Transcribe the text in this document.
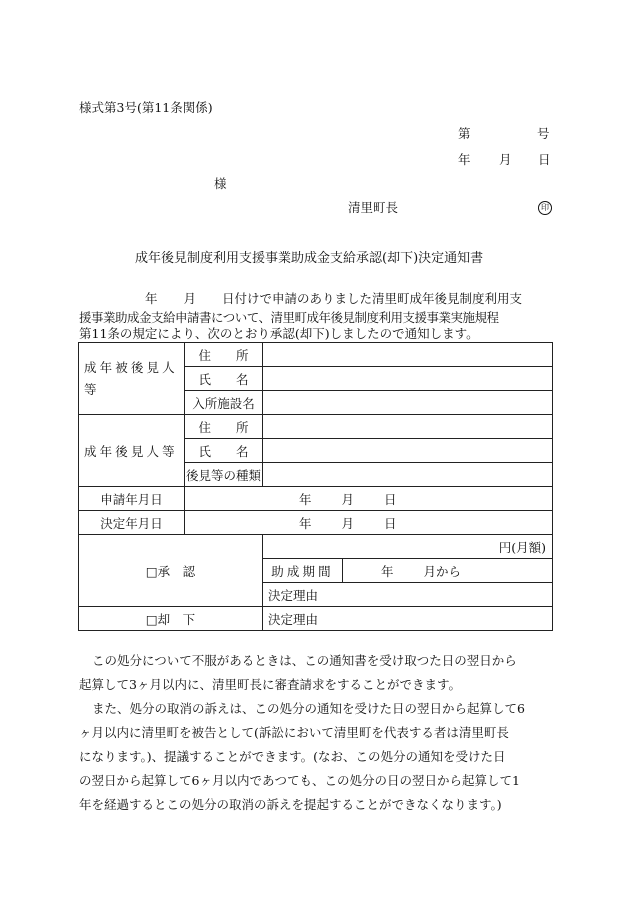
様式第3号(第11条関係)
第	号
年 月 日
様
清里町長	印
成年後見制度利用支援事業助成金支給承認(却下)決定通知書
年 月 日付けで申請のありました清里町成年後見制度利用支
援事業助成金支給申請書について、清里町成年後見制度利用支援事業実施規程
第11条の規定により、次のとおり承認(却下)しましたので通知します。
成年被後見人等	住　　所		
	氏　　名		
	入所施設名		
成年後見人等	住　　所		
	氏　　名		
	後見等の種類		
申請年月日	年 月 日		
決定年月日	年 月 日		
□承　認		円(月額)	
		助成期間	年 月から
		決定理由	
□却　下		決定理由	
この処分について不服があるときは、この通知書を受け取つた日の翌日から
起算して3ヶ月以内に、清里町長に審査請求をすることができます。
また、処分の取消の訴えは、この処分の通知を受けた日の翌日から起算して6
ヶ月以内に清里町を被告として(訴訟において清里町を代表する者は清里町長
になります。)、提議することができます。(なお、この処分の通知を受けた日
の翌日から起算して6ヶ月以内であつても、この処分の日の翌日から起算して1
年を経過するとこの処分の取消の訴えを提起することができなくなります。)
